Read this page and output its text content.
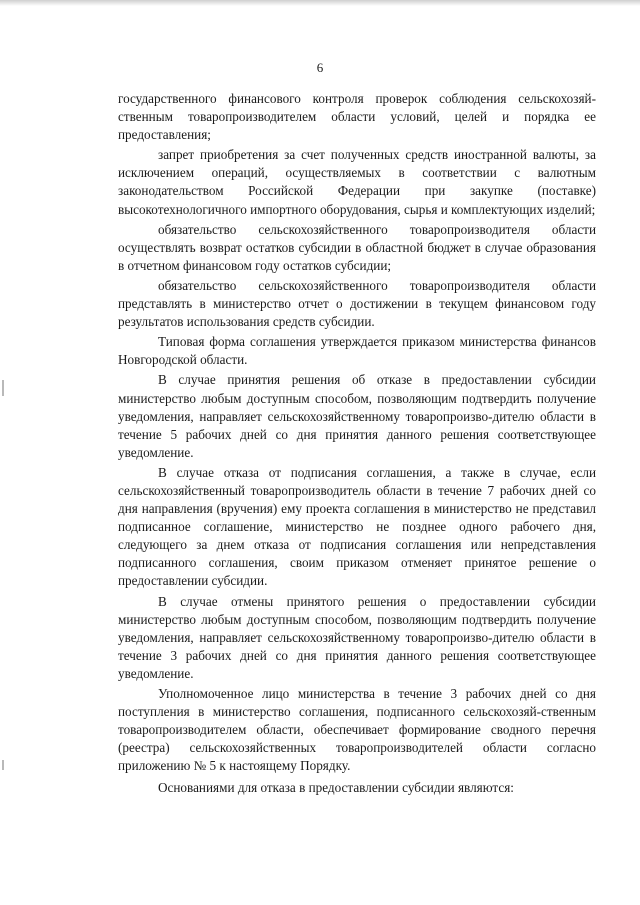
6

государственного финансового контроля проверок соблюдения сельскохозяй-ственным товаропроизводителем области условий, целей и порядка ее предоставления;

запрет приобретения за счет полученных средств иностранной валюты, за исключением операций, осуществляемых в соответствии с валютным законодательством Российской Федерации при закупке (поставке) высокотехнологичного импортного оборудования, сырья и комплектующих изделий;

обязательство сельскохозяйственного товаропроизводителя области осуществлять возврат остатков субсидии в областной бюджет в случае образования в отчетном финансовом году остатков субсидии;

обязательство сельскохозяйственного товаропроизводителя области представлять в министерство отчет о достижении в текущем финансовом году результатов использования средств субсидии.

Типовая форма соглашения утверждается приказом министерства финансов Новгородской области.

В случае принятия решения об отказе в предоставлении субсидии министерство любым доступным способом, позволяющим подтвердить получение уведомления, направляет сельскохозяйственному товаропроизво-дителю области в течение 5 рабочих дней со дня принятия данного решения соответствующее уведомление.

В случае отказа от подписания соглашения, а также в случае, если сельскохозяйственный товаропроизводитель области в течение 7 рабочих дней со дня направления (вручения) ему проекта соглашения в министерство не представил подписанное соглашение, министерство не позднее одного рабочего дня, следующего за днем отказа от подписания соглашения или непредставления подписанного соглашения, своим приказом отменяет принятое решение о предоставлении субсидии.

В случае отмены принятого решения о предоставлении субсидии министерство любым доступным способом, позволяющим подтвердить получение уведомления, направляет сельскохозяйственному товаропроизво-дителю области в течение 3 рабочих дней со дня принятия данного решения соответствующее уведомление.

Уполномоченное лицо министерства в течение 3 рабочих дней со дня поступления в министерство соглашения, подписанного сельскохозяй-ственным товаропроизводителем области, обеспечивает формирование сводного перечня (реестра) сельскохозяйственных товаропроизводителей области согласно приложению № 5 к настоящему Порядку.

Основаниями для отказа в предоставлении субсидии являются:
